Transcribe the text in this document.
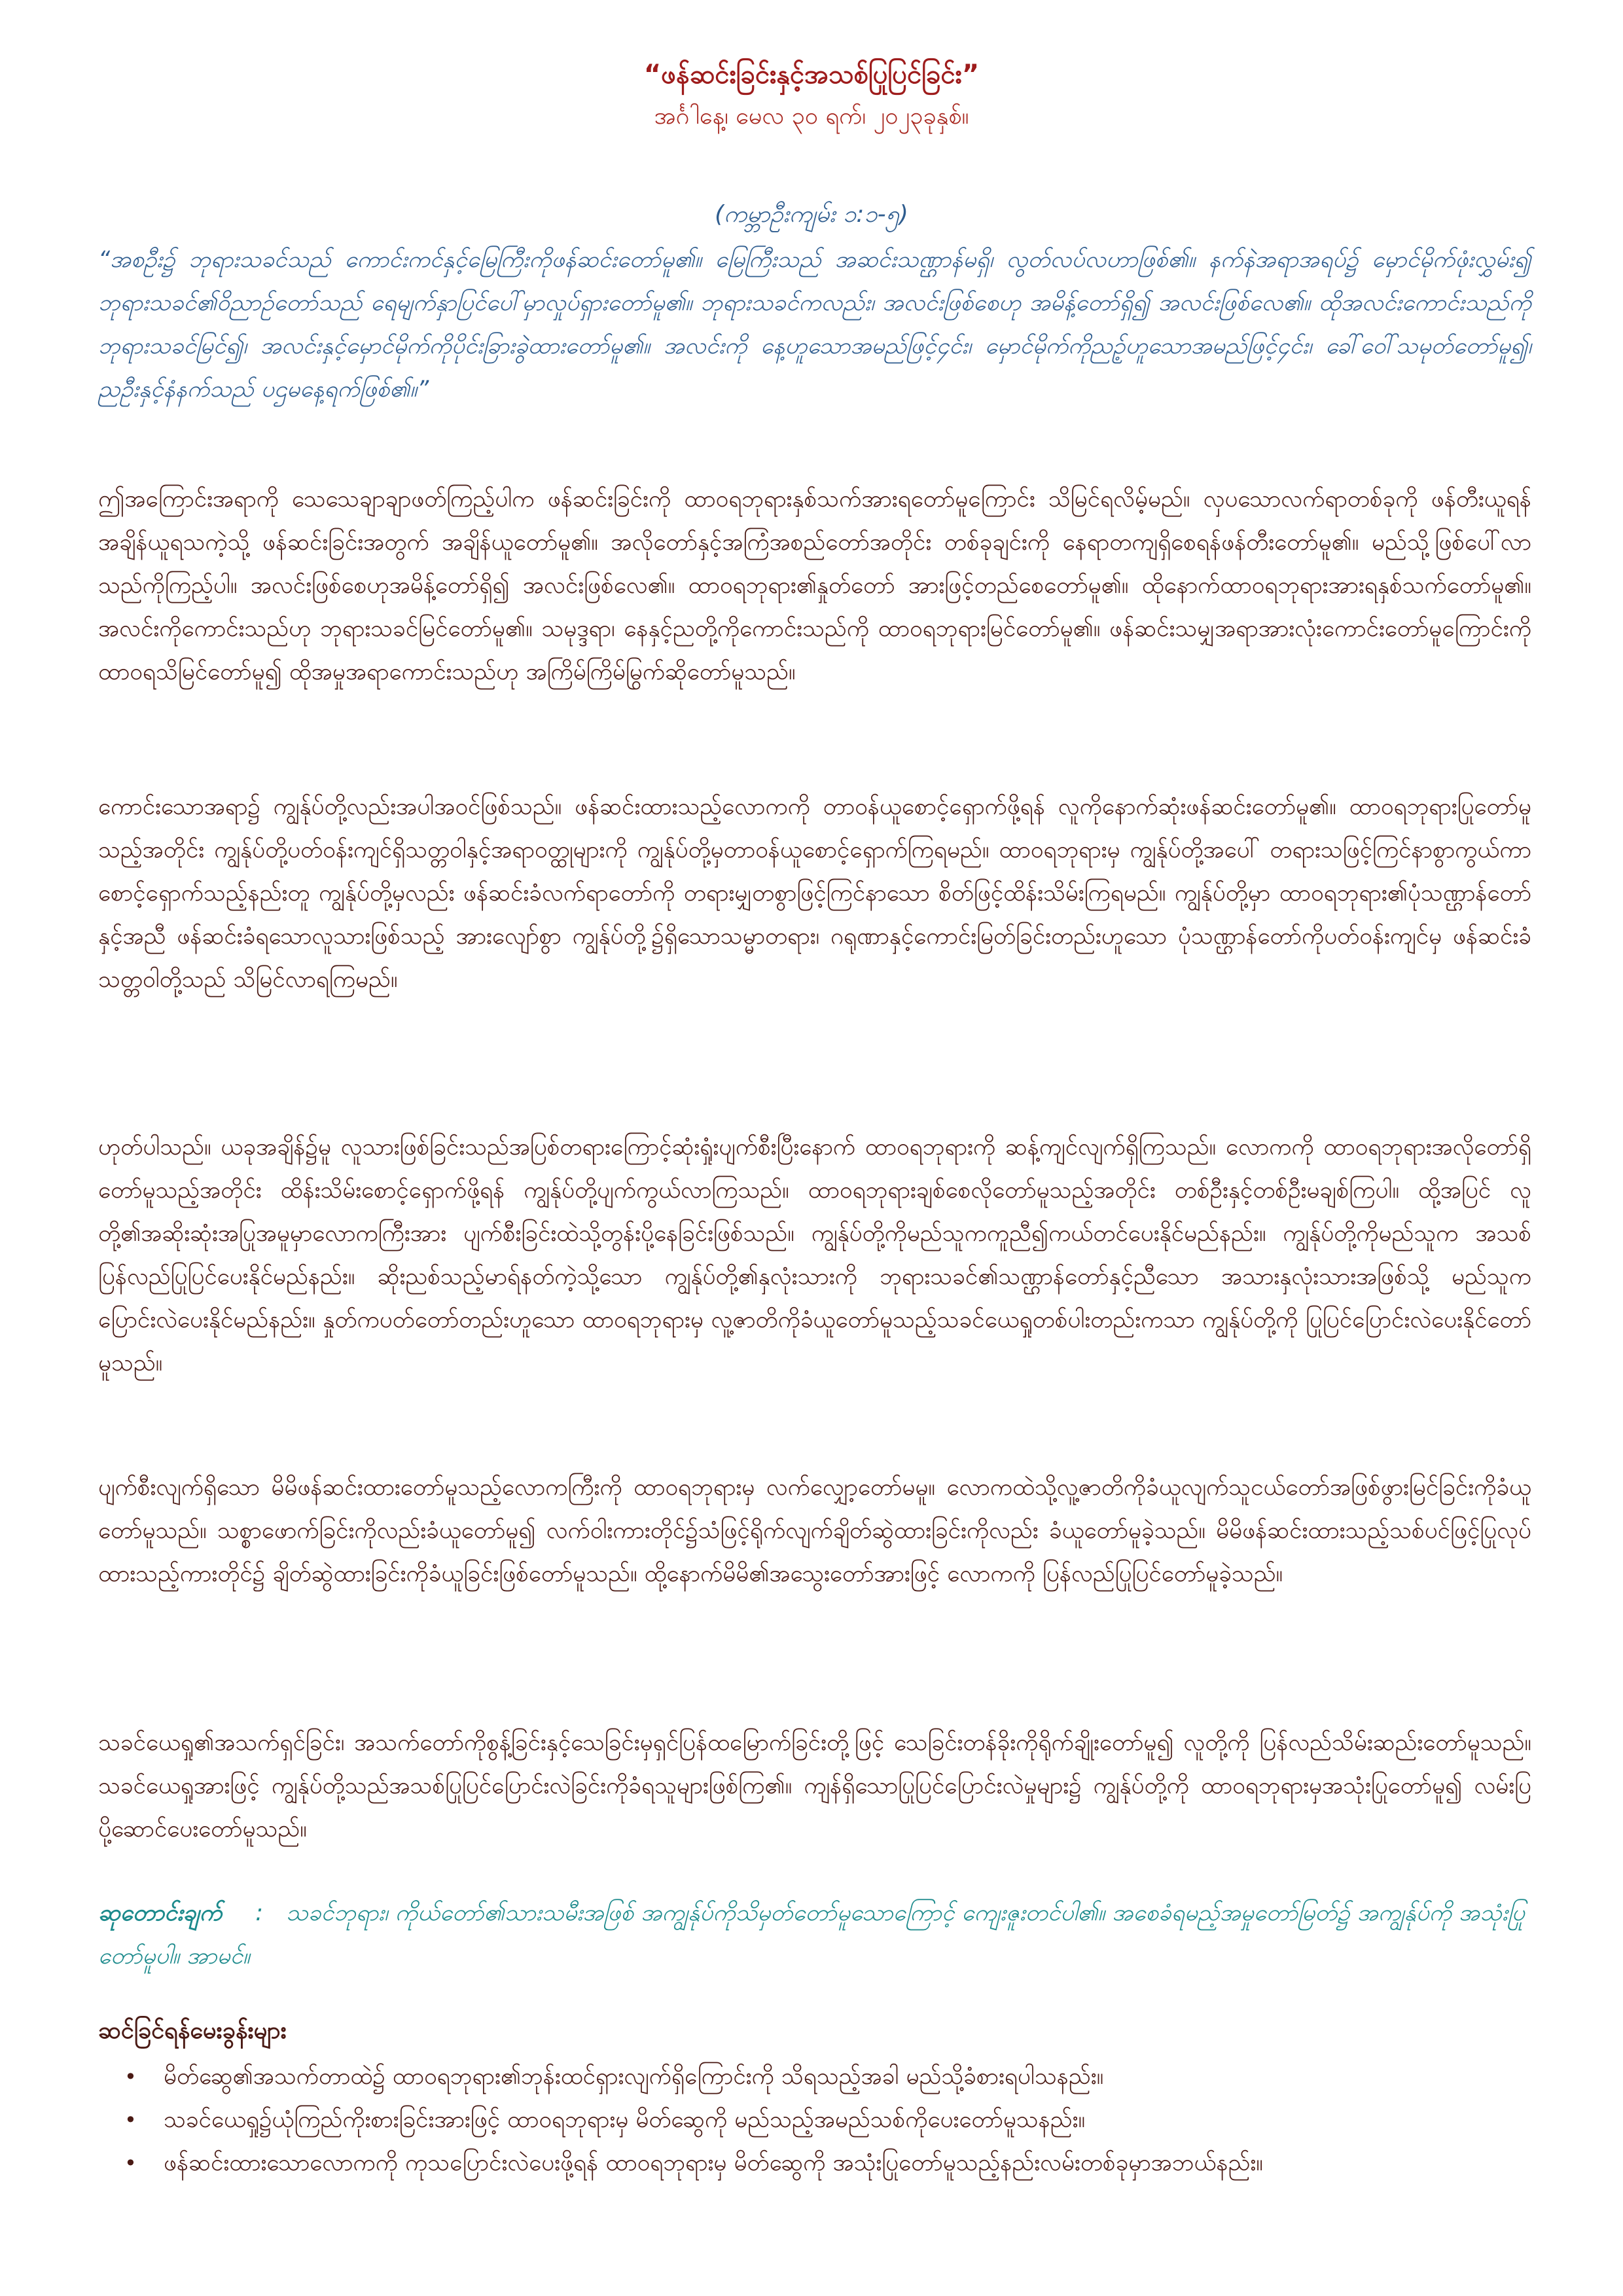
“ဖန်ဆင်းခြင်းနှင့်အသစ်ပြုပြင်ခြင်း”
အင်္ဂါနေ့၊ မေလ ၃၀ ရက်၊ ၂၀၂၃ခုနှစ်။
(ကမ္ဘာဦးကျမ်း ၁:၁-၅)
“အစဦး၌ ဘုရားသခင်သည် ကောင်းကင်နှင့်မြေကြီးကိုဖန်ဆင်းတော်မူ၏။ မြေကြီးသည် အဆင်းသဏ္ဌာန်မရှိ၊ လွတ်လပ်လဟာဖြစ်၏။ နက်နဲအရာအရပ်၌ မှောင်မိုက်ဖုံးလွှမ်း၍ ဘုရားသခင်၏ဝိညာဉ်တော်သည် ရေမျက်နှာပြင်ပေါ်မှာလှုပ်ရှားတော်မူ၏။ ဘုရားသခင်ကလည်း၊ အလင်းဖြစ်စေဟု အမိန့်တော်ရှိ၍ အလင်းဖြစ်လေ၏။ ထိုအလင်းကောင်းသည်ကို ဘုရားသခင်မြင်၍၊ အလင်းနှင့်မှောင်မိုက်ကိုပိုင်းခြားခွဲထားတော်မူ၏။ အလင်းကို နေ့ဟူသောအမည်ဖြင့်၄င်း၊ မှောင်မိုက်ကိုညဉ့်ဟူသောအမည်ဖြင့်၄င်း၊ ခေါ်ဝေါ်သမုတ်တော်မူ၍၊ ညဦးနှင့်နံနက်သည် ပဌမနေ့ရက်ဖြစ်၏။”

ဤအကြောင်းအရာကို သေသေချာချာဖတ်ကြည့်ပါက ဖန်ဆင်းခြင်းကို ထာဝရဘုရားနှစ်သက်အားရတော်မူကြောင်း သိမြင်ရလိမ့်မည်။ လှပသောလက်ရာတစ်ခုကို ဖန်တီးယူရန်အချိန်ယူရသကဲ့သို့ ဖန်ဆင်းခြင်းအတွက် အချိန်ယူတော်မူ၏။ အလိုတော်နှင့်အကြံအစည်တော်အတိုင်း တစ်ခုချင်းကို နေရာတကျရှိစေရန်ဖန်တီးတော်မူ၏။ မည်သို့ဖြစ်ပေါ်လာသည်ကိုကြည့်ပါ။ အလင်းဖြစ်စေဟုအမိန့်တော်ရှိ၍ အလင်းဖြစ်လေ၏။ ထာဝရဘုရား၏နှုတ်တော် အားဖြင့်တည်စေတော်မူ၏။ ထိုနောက်ထာဝရဘုရားအားရနှစ်သက်တော်မူ၏။ အလင်းကိုကောင်းသည်ဟု ဘုရားသခင်မြင်တော်မူ၏။ သမုဒ္ဒရာ၊ နေနှင့်ညတို့ကိုကောင်းသည်ကို ထာဝရဘုရားမြင်တော်မူ၏။ ဖန်ဆင်းသမျှအရာအားလုံးကောင်းတော်မူကြောင်းကို ထာဝရသိမြင်တော်မူ၍ ထိုအမှုအရာကောင်းသည်ဟု အကြိမ်ကြိမ်မြွက်ဆိုတော်မူသည်။

ကောင်းသောအရာ၌ ကျွန်ုပ်တို့လည်းအပါအဝင်ဖြစ်သည်။ ဖန်ဆင်းထားသည့်လောကကို တာဝန်ယူစောင့်ရှောက်ဖို့ရန် လူကိုနောက်ဆုံးဖန်ဆင်းတော်မူ၏။ ထာဝရဘုရားပြုတော်မူသည့်အတိုင်း ကျွန်ုပ်တို့ပတ်ဝန်းကျင်ရှိသတ္တဝါနှင့်အရာဝတ္ထုများကို ကျွန်ုပ်တို့မှတာဝန်ယူစောင့်ရှောက်ကြရမည်။ ထာဝရဘုရားမှ ကျွန်ုပ်တို့အပေါ် တရားသဖြင့်ကြင်နာစွာကွယ်ကာစောင့်ရှောက်သည့်နည်းတူ ကျွန်ုပ်တို့မှလည်း ဖန်ဆင်းခံလက်ရာတော်ကို တရားမျှတစွာဖြင့်ကြင်နာသော စိတ်ဖြင့်ထိန်းသိမ်းကြရမည်။ ကျွန်ုပ်တို့မှာ ထာဝရဘုရား၏ပုံသဏ္ဌာန်တော်နှင့်အညီ ဖန်ဆင်းခံရသောလူသားဖြစ်သည့် အားလျော်စွာ ကျွန်ုပ်တို့၌ရှိသောသမ္မာတရား၊ ဂရုဏာနှင့်ကောင်းမြတ်ခြင်းတည်းဟူသော ပုံသဏ္ဌာန်တော်ကိုပတ်ဝန်းကျင်မှ ဖန်ဆင်းခံသတ္တဝါတို့သည် သိမြင်လာရကြမည်။

ဟုတ်ပါသည်။ ယခုအချိန်၌မူ လူသားဖြစ်ခြင်းသည်အပြစ်တရားကြောင့်ဆုံးရှုံးပျက်စီးပြီးနောက် ထာဝရဘုရားကို ဆန့်ကျင်လျက်ရှိကြသည်။ လောကကို ထာဝရဘုရားအလိုတော်ရှိတော်မူသည့်အတိုင်း ထိန်းသိမ်းစောင့်ရှောက်ဖို့ရန် ကျွန်ုပ်တို့ပျက်ကွယ်လာကြသည်။ ထာဝရဘုရားချစ်စေလိုတော်မူသည့်အတိုင်း တစ်ဦးနှင့်တစ်ဦးမချစ်ကြပါ။ ထို့အပြင် လူတို့၏အဆိုးဆုံးအပြုအမူမှာလောကကြီးအား ပျက်စီးခြင်းထဲသို့တွန်းပို့နေခြင်းဖြစ်သည်။ ကျွန်ုပ်တို့ကိုမည်သူကကူညီ၍ကယ်တင်ပေးနိုင်မည်နည်း။ ကျွန်ုပ်တို့ကိုမည်သူက အသစ်ပြန်လည်ပြုပြင်ပေးနိုင်မည်နည်း။ ဆိုးညစ်သည့်မာရ်နတ်ကဲ့သို့သော ကျွန်ုပ်တို့၏နှလုံးသားကို ဘုရားသခင်၏သဏ္ဌာန်တော်နှင့်ညီသော အသားနှလုံးသားအဖြစ်သို့ မည်သူကပြောင်းလဲပေးနိုင်မည်နည်း။ နှုတ်ကပတ်တော်တည်းဟူသော ထာဝရဘုရားမှ လူ့ဇာတိကိုခံယူတော်မူသည့်သခင်ယေရှုတစ်ပါးတည်းကသာ ကျွန်ုပ်တို့ကို ပြုပြင်ပြောင်းလဲပေးနိုင်တော်မူသည်။

ပျက်စီးလျက်ရှိသော မိမိဖန်ဆင်းထားတော်မူသည့်လောကကြီးကို ထာဝရဘုရားမှ လက်လျှော့တော်မမူ။ လောကထဲသို့လူ့ဇာတိကိုခံယူလျက်သူငယ်တော်အဖြစ်ဖွားမြင်ခြင်းကိုခံယူတော်မူသည်။ သစ္စာဖောက်ခြင်းကိုလည်းခံယူတော်မူ၍ လက်ဝါးကားတိုင်၌သံဖြင့်ရိုက်လျက်ချိတ်ဆွဲထားခြင်းကိုလည်း ခံယူတော်မူခဲ့သည်။ မိမိဖန်ဆင်းထားသည့်သစ်ပင်ဖြင့်ပြုလုပ်ထားသည့်ကားတိုင်၌ ချိတ်ဆွဲထားခြင်းကိုခံယူခြင်းဖြစ်တော်မူသည်။ ထို့နောက်မိမိ၏အသွေးတော်အားဖြင့် လောကကို ပြန်လည်ပြုပြင်တော်မူခဲ့သည်။

သခင်ယေရှု၏အသက်ရှင်ခြင်း၊ အသက်တော်ကိုစွန့်ခြင်းနှင့်သေခြင်းမှရှင်ပြန်ထမြောက်ခြင်းတို့ဖြင့် သေခြင်းတန်ခိုးကိုရိုက်ချိုးတော်မူ၍ လူတို့ကို ပြန်လည်သိမ်းဆည်းတော်မူသည်။ သခင်ယေရှုအားဖြင့် ကျွန်ုပ်တို့သည်အသစ်ပြုပြင်ပြောင်းလဲခြင်းကိုခံရသူများဖြစ်ကြ၏။ ကျန်ရှိသောပြုပြင်ပြောင်းလဲမှုများ၌ ကျွန်ုပ်တို့ကို ထာဝရဘုရားမှအသုံးပြုတော်မူ၍ လမ်းပြပို့ဆောင်ပေးတော်မူသည်။

ဆုတောင်းချက် : သခင်ဘုရား၊ ကိုယ်တော်၏သားသမီးအဖြစ် အကျွန်ုပ်ကိုသိမှတ်တော်မူသောကြောင့် ကျေးဇူးတင်ပါ၏။ အစေခံရမည့်အမှုတော်မြတ်၌ အကျွန်ုပ်ကို အသုံးပြုတော်မူပါ။ အာမင်။
ဆင်ခြင်ရန်မေးခွန်းများ
• မိတ်ဆွေ၏အသက်တာထဲ၌ ထာဝရဘုရား၏ဘုန်းထင်ရှားလျက်ရှိကြောင်းကို သိရသည့်အခါ မည်သို့ခံစားရပါသနည်း။
• သခင်ယေရှု၌ယုံကြည်ကိုးစားခြင်းအားဖြင့် ထာဝရဘုရားမှ မိတ်ဆွေကို မည်သည့်အမည်သစ်ကိုပေးတော်မူသနည်း။
• ဖန်ဆင်းထားသောလောကကို ကုသပြောင်းလဲပေးဖို့ရန် ထာဝရဘုရားမှ မိတ်ဆွေကို အသုံးပြုတော်မူသည့်နည်းလမ်းတစ်ခုမှာအဘယ်နည်း။
